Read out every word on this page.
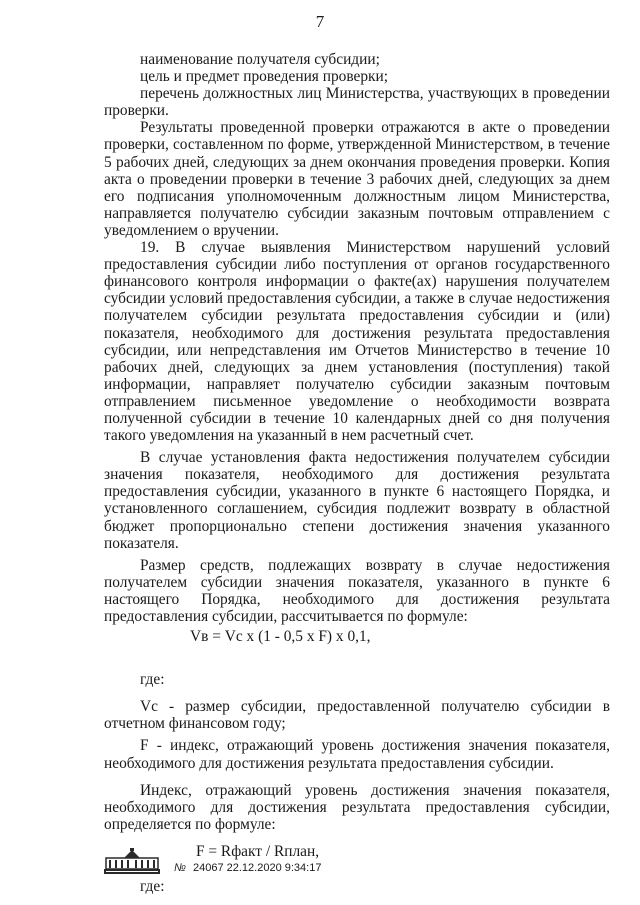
7

наименование получателя субсидии;

цель и предмет проведения проверки;

перечень должностных лиц Министерства, участвующих в проведении проверки.

Результаты проведенной проверки отражаются в акте о проведении проверки, составленном по форме, утвержденной Министерством, в течение 5 рабочих дней, следующих за днем окончания проведения проверки. Копия акта о проведении проверки в течение 3 рабочих дней, следующих за днем его подписания уполномоченным должностным лицом Министерства, направляется получателю субсидии заказным почтовым отправлением с уведомлением о вручении.

19. В случае выявления Министерством нарушений условий предоставления субсидии либо поступления от органов государственного финансового контроля информации о факте(ах) нарушения получателем субсидии условий предоставления субсидии, а также в случае недостижения получателем субсидии результата предоставления субсидии и (или) показателя, необходимого для достижения результата предоставления субсидии, или непредставления им Отчетов Министерство в течение 10 рабочих дней, следующих за днем установления (поступления) такой информации, направляет получателю субсидии заказным почтовым отправлением письменное уведомление о необходимости возврата полученной субсидии в течение 10 календарных дней со дня получения такого уведомления на указанный в нем расчетный счет.

В случае установления факта недостижения получателем субсидии значения показателя, необходимого для достижения результата предоставления субсидии, указанного в пункте 6 настоящего Порядка, и установленного соглашением, субсидия подлежит возврату в областной бюджет пропорционально степени достижения значения указанного показателя.

Размер средств, подлежащих возврату в случае недостижения получателем субсидии значения показателя, указанного в пункте 6 настоящего Порядка, необходимого для достижения результата предоставления субсидии, рассчитывается по формуле:

Vв = Vс x (1 - 0,5 x F) x 0,1,

где:

Vс - размер субсидии, предоставленной получателю субсидии в отчетном финансовом году;

F - индекс, отражающий уровень достижения значения показателя, необходимого для достижения результата предоставления субсидии.

Индекс, отражающий уровень достижения значения показателя, необходимого для достижения результата предоставления субсидии, определяется по формуле:

F = Rфакт / Rплан,

где:

№ 24067 22.12.2020 9:34:17
